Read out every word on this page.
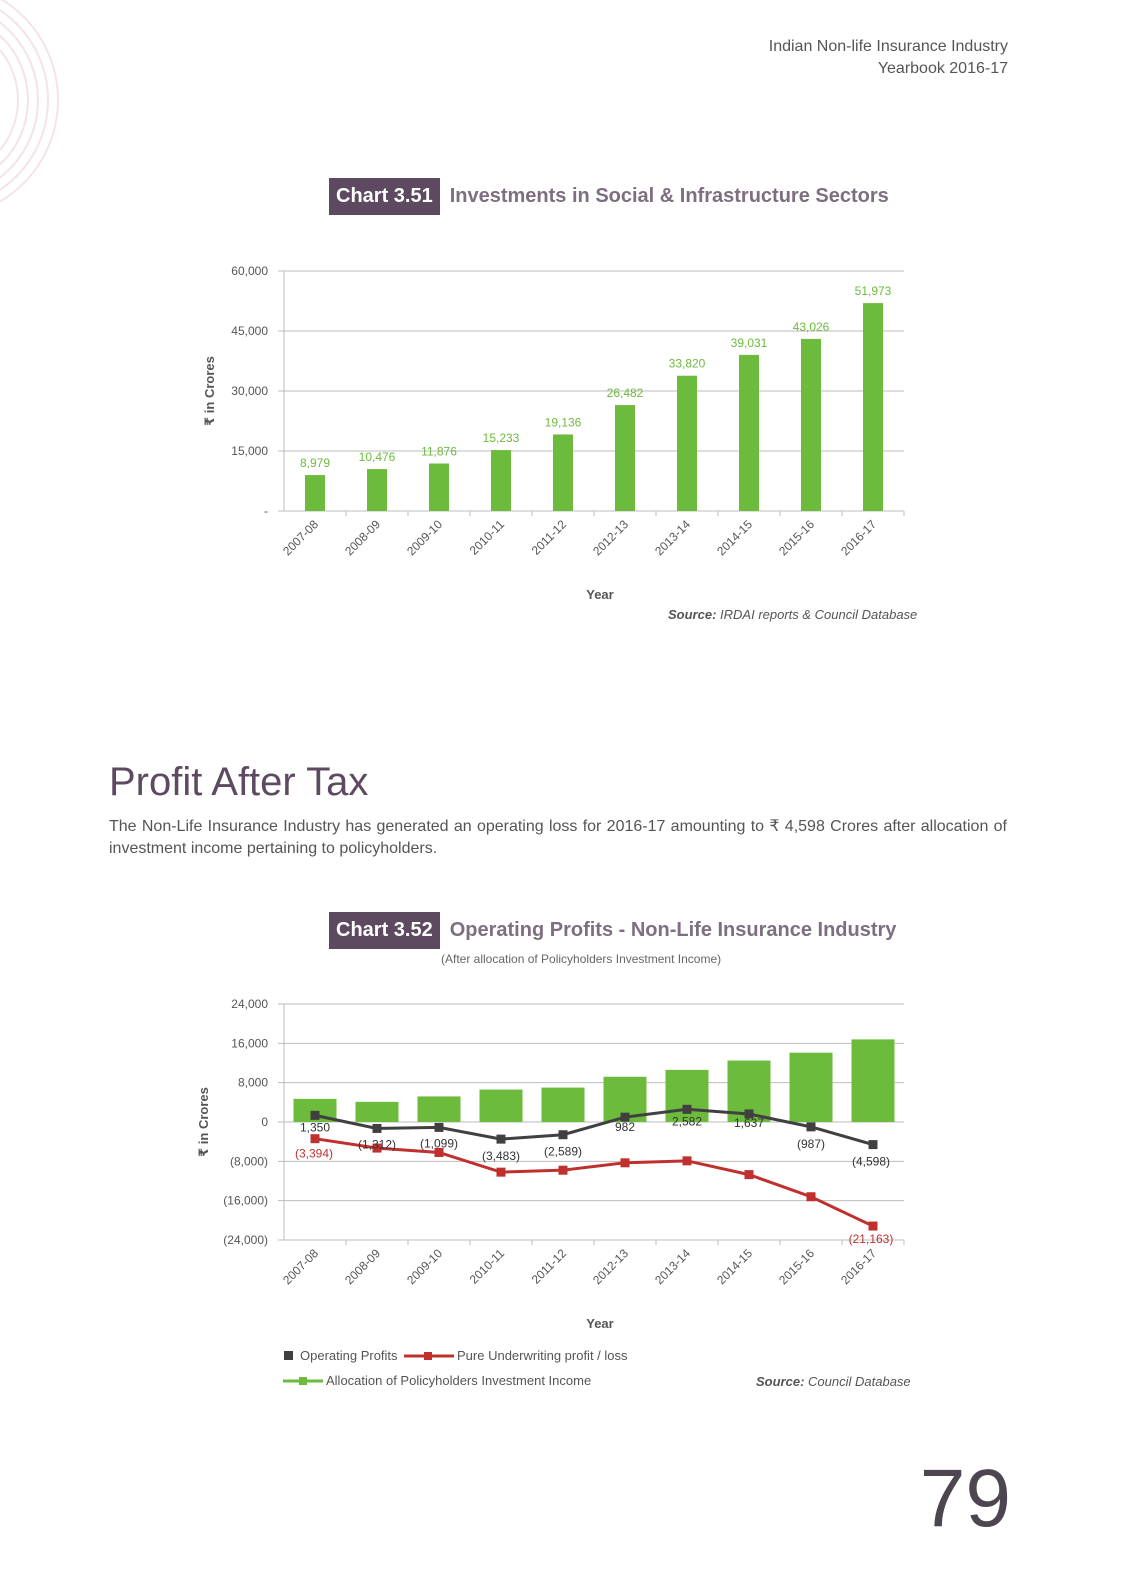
Indian Non-life Insurance Industry
Yearbook 2016-17
Chart 3.51 Investments in Social & Infrastructure Sectors
-
15,000
30,000
45,000
60,000
2007-08 2008-09 2009-10 2010-11 2011-12 2012-13 2013-14 2014-15 2015-16 2016-17
Year
₹ in Crores
8,979 10,476 11,876
15,233
19,136
26,482
33,820
39,031
43,026
51,973
Source: IRDAI reports & Council Database
Profit After Tax
The Non-Life Insurance Industry has generated an operating loss for 2016-17 amounting to ₹ 4,598 Crores after allocation of investment income pertaining to policyholders.
Chart 3.52 Operating Profits - Non-Life Insurance Industry
(After allocation of Policyholders Investment Income)
(24,000)
(16,000)
(8,000)
0
8,000
16,000
24,000
2007-08 2008-09 2009-10 2010-11 2011-12 2012-13 2013-14 2014-15 2015-16 2016-17
Year
₹ in Crores	1,350
(1,312) (1,099)
(3,483) (2,589)
982	2,582	1,637
(987)
(4,598)
(3,394)
(21,163)
Operating Profits	Pure Underwriting profit / loss
Allocation of Policyholders Investment Income	Source: Council Database
79
